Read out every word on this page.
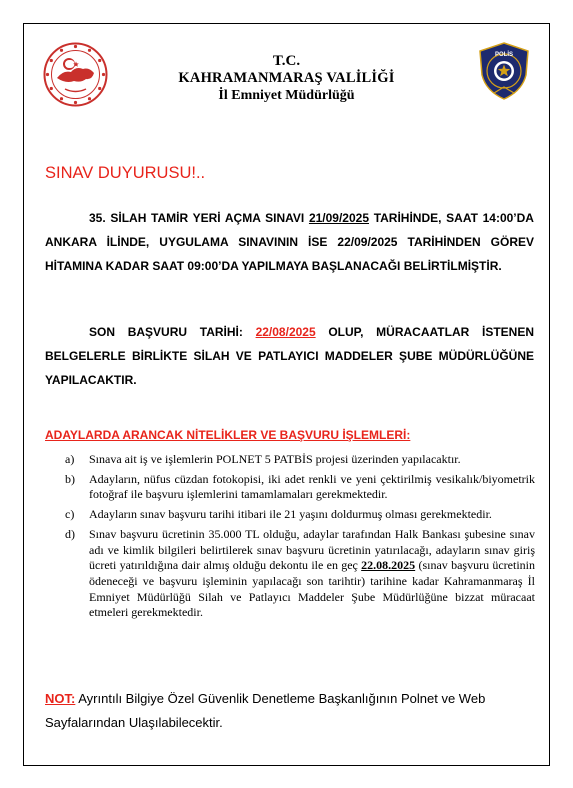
T.C.
KAHRAMANMARAŞ VALİLİĞİ
İl Emniyet Müdürlüğü
POLİS
SINAV DUYURUSU!..
35. SİLAH TAMİR YERİ AÇMA SINAVI 21/09/2025 TARİHİNDE, SAAT 14:00’DA ANKARA İLİNDE, UYGULAMA SINAVININ İSE 22/09/2025 TARİHİNDEN GÖREV HİTAMINA KADAR SAAT 09:00’DA YAPILMAYA BAŞLANACAĞI BELİRTİLMİŞTİR.
SON BAŞVURU TARİHİ: 22/08/2025 OLUP, MÜRACAATLAR İSTENEN BELGELERLE BİRLİKTE SİLAH VE PATLAYICI MADDELER ŞUBE MÜDÜRLÜĞÜNE YAPILACAKTIR.
ADAYLARDA ARANCAK NİTELİKLER VE BAŞVURU İŞLEMLERİ:
a) Sınava ait iş ve işlemlerin POLNET 5 PATBİS projesi üzerinden yapılacaktır.
b) Adayların, nüfus cüzdan fotokopisi, iki adet renkli ve yeni çektirilmiş vesikalık/biyometrik fotoğraf ile başvuru işlemlerini tamamlamaları gerekmektedir.
c) Adayların sınav başvuru tarihi itibari ile 21 yaşını doldurmuş olması gerekmektedir.
d) Sınav başvuru ücretinin 35.000 TL olduğu, adaylar tarafından Halk Bankası şubesine sınav adı ve kimlik bilgileri belirtilerek sınav başvuru ücretinin yatırılacağı, adayların sınav giriş ücreti yatırıldığına dair almış olduğu dekontu ile en geç 22.08.2025 (sınav başvuru ücretinin ödeneceği ve başvuru işleminin yapılacağı son tarihtir) tarihine kadar Kahramanmaraş İl Emniyet Müdürlüğü Silah ve Patlayıcı Maddeler Şube Müdürlüğüne bizzat müracaat etmeleri gerekmektedir.
NOT: Ayrıntılı Bilgiye Özel Güvenlik Denetleme Başkanlığının Polnet ve Web Sayfalarından Ulaşılabilecektir.
